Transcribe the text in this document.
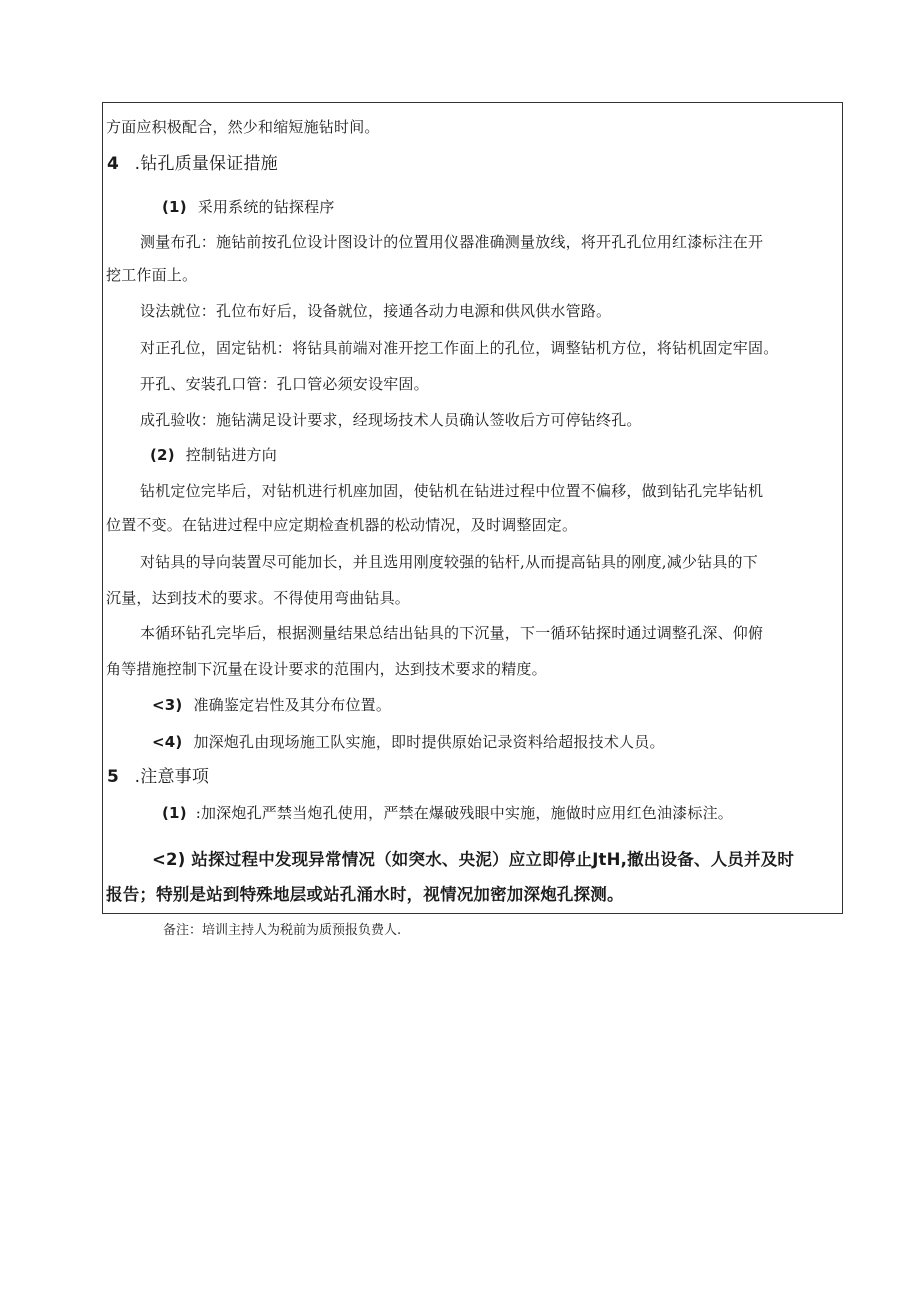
方面应积极配合，然少和缩短施钻时间。
4 .钻孔质量保证措施
(1) 采用系统的钻探程序
测量布孔：施钻前按孔位设计图设计的位置用仪器准确测量放线，将开孔孔位用红漆标注在开
挖工作面上。
设法就位：孔位布好后，设备就位，接通各动力电源和供风供水管路。
对正孔位，固定钻机：将钻具前端对准开挖工作面上的孔位，调整钻机方位，将钻机固定牢固。
开孔、安装孔口管：孔口管必须安设牢固。
成孔验收：施钻满足设计要求，经现场技术人员确认签收后方可停钻终孔。
(2) 控制钻进方向
钻机定位完毕后，对钻机进行机座加固，使钻机在钻进过程中位置不偏移，做到钻孔完毕钻机
位置不变。在钻进过程中应定期检查机器的松动情况，及时调整固定。
对钻具的导向装置尽可能加长，并且选用刚度较强的钻杆,从而提高钻具的刚度,减少钻具的下
沉量，达到技术的要求。不得使用弯曲钻具。
本循环钻孔完毕后，根据测量结果总结出钻具的下沉量，下一循环钻探时通过调整孔深、仰俯
角等措施控制下沉量在设计要求的范围内，达到技术要求的精度。
<3) 准确鉴定岩性及其分布位置。
<4) 加深炮孔由现场施工队实施，即时提供原始记录资料给超报技术人员。
5 .注意事项
(1) :加深炮孔严禁当炮孔使用，严禁在爆破残眼中实施，施做时应用红色油漆标注。
<2) 站探过程中发现异常情况（如突水、央泥）应立即停止JtH,撤出设备、人员并及时
报告；特别是站到特殊地层或站孔涌水时，视情况加密加深炮孔探测。
备注：培训主持人为税前为质预报负费人.
